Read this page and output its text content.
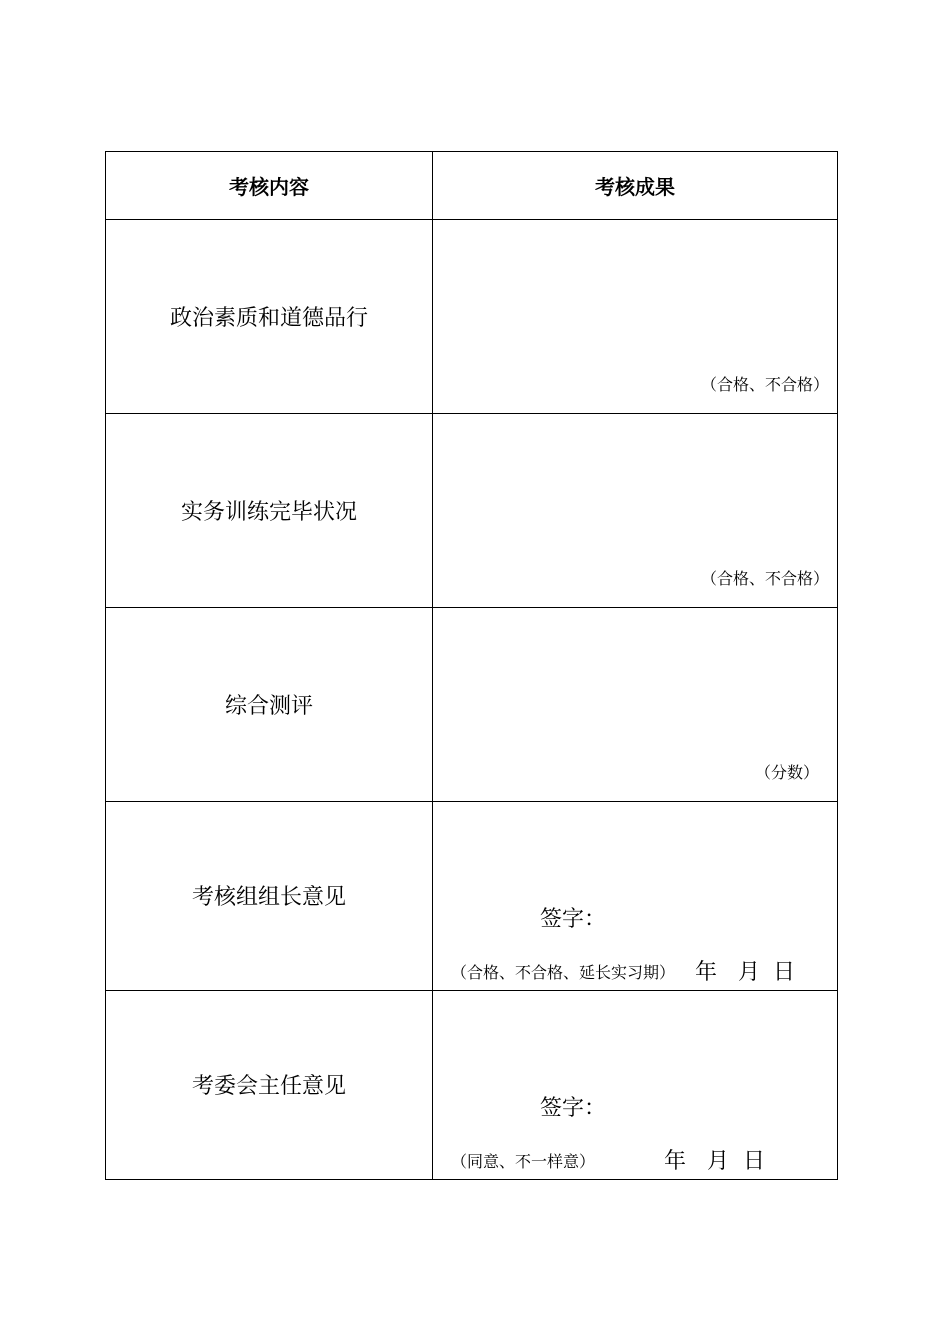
考核内容	考核成果
政治素质和道德品行	（合格、不合格）

实务训练完毕状况	（合格、不合格）

综合测评	（分数）

考核组组长意见	签字：
（合格、不合格、延长实习期） 年 月 日

考委会主任意见	签字：
（同意、不一样意） 年 月 日
